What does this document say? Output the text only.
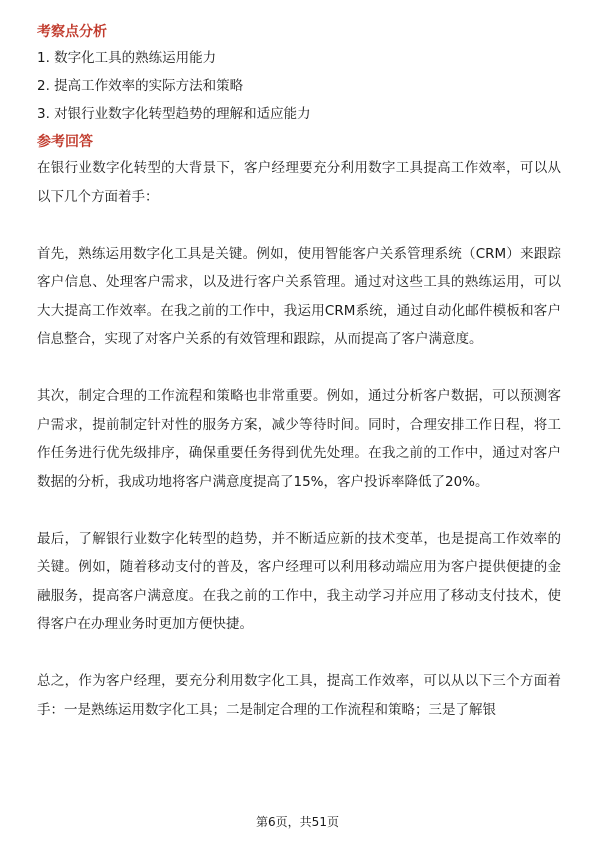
考察点分析
1. 数字化工具的熟练运用能力
2. 提高工作效率的实际方法和策略
3. 对银行业数字化转型趋势的理解和适应能力
参考回答

在银行业数字化转型的大背景下，客户经理要充分利用数字工具提高工作效率，可以从以下几个方面着手：

首先，熟练运用数字化工具是关键。例如，使用智能客户关系管理系统（CRM）来跟踪客户信息、处理客户需求，以及进行客户关系管理。通过对这些工具的熟练运用，可以大大提高工作效率。在我之前的工作中，我运用CRM系统，通过自动化邮件模板和客户信息整合，实现了对客户关系的有效管理和跟踪，从而提高了客户满意度。

其次，制定合理的工作流程和策略也非常重要。例如，通过分析客户数据，可以预测客户需求，提前制定针对性的服务方案，减少等待时间。同时，合理安排工作日程，将工作任务进行优先级排序，确保重要任务得到优先处理。在我之前的工作中，通过对客户数据的分析，我成功地将客户满意度提高了15%，客户投诉率降低了20%。

最后，了解银行业数字化转型的趋势，并不断适应新的技术变革，也是提高工作效率的关键。例如，随着移动支付的普及，客户经理可以利用移动端应用为客户提供便捷的金融服务，提高客户满意度。在我之前的工作中，我主动学习并应用了移动支付技术，使得客户在办理业务时更加方便快捷。

总之，作为客户经理，要充分利用数字化工具，提高工作效率，可以从以下三个方面着手：一是熟练运用数字化工具；二是制定合理的工作流程和策略；三是了解银

第6页，共51页
